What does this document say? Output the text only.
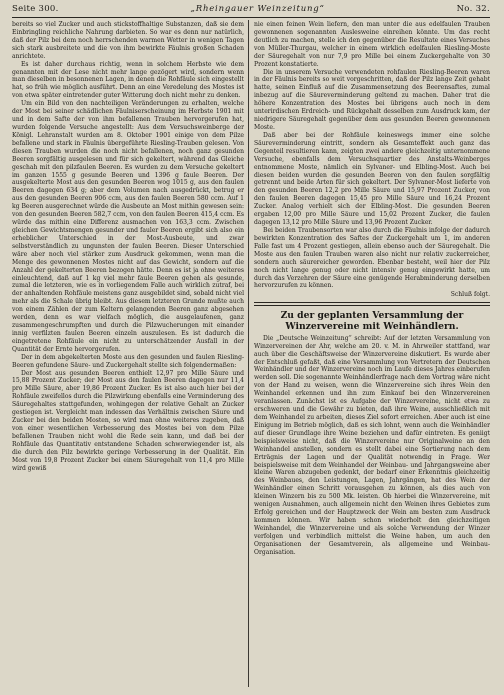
Seite 300.	„Rheingauer Weinzeitung“	No. 32.

bereits so viel Zucker und auch stickstoffhaltige Substanzen, daß sie dem Einbringling reichliche Nahrung darbieten. So war es denn nur natürlich, daß der Pilz bei dem noch herrschenden warmen Wetter in wenigen Tagen sich stark ausbreitete und die von ihm bewirkte Fäulnis großen Schaden anrichtete.

Es ist daher durchaus richtig, wenn in solchem Herbste wie dem genannten mit der Lese nicht mehr lange gezögert wird, sondern wenn man dieselben in besonnenen Lagen, in denen die Rohfäule sich eingestellt hat, so früh wie möglich ausführt. Denn an eine Veredelung des Mostes ist von etwa später eintretender guter Witterung doch nicht mehr zu denken.

Um ein Bild von den nachteiligen Veränderungen zu erhalten, welche der Most bei seiner schädlichen Fäulniserscheinung im Herbste 1901 mit und in dem Safte der von ihm befallenen Trauben hervorgerufen hat, wurden folgende Versuche angestellt: Aus dem Versuchsweinberge der Königl. Lehranstalt wurden am 8. Oktober 1901 einige von dem Pilze befallene und stark in Fäulnis übergeführte Riesling-Trauben gelesen. Von diesen Trauben wurden die noch nicht befallenen, noch ganz gesunden Beeren sorgfältig ausgelesen und für sich gekeltert, während das Gleiche geschah mit den pilzfaulen Beeren. Es wurden zu dem Versuche gekeltert im ganzen 1555 g gesunde Beeren und 1396 g faule Beeren. Der ausgekelterte Most aus den gesunden Beeren wog 1015 g, aus den faulen Beeren dagegen 634 g; aber dem Volumen nach ausgedrückt, betrug er aus den gesunden Beeren 906 ccm, aus den faulen Beeren 580 ccm. Auf 1 kg Beeren ausgerechnet würde die Ausbeute an Most mithin gewesen sein: von den gesunden Beeren 582,7 ccm, von den faulen Beeren 415,4 ccm. Es würde das mithin eine Differenz ausmachen von 163,3 ccm. Zwischen gleichen Gewichtsmengen gesunder und fauler Beeren ergibt sich also ein erheblicher Unterschied in der Most-Ausbeute, und zwar selbstverständlich zu ungunsten der faulen Beeren. Dieser Unterschied wäre aber noch viel stärker zum Ausdruck gekommen, wenn man die Menge des gewonnenen Mostes nicht auf das Gewicht, sondern auf die Anzahl der gekelterten Beeren bezogen hätte. Denn es ist ja ohne weiteres einleuchtend, daß auf 1 kg viel mehr faule Beeren gehen als gesunde, zumal die letzteren, wie es in vorliegendem Falle auch wirklich zutraf, bei der anhaltenden Rohfäule meistens ganz ausgebildet sind, sobald nicht viel mehr als die Schale übrig bleibt. Aus diesem letzteren Grunde mußte auch von einem Zählen der zum Keltern gelangenden Beeren ganz abgesehen werden, denn es war vielfach möglich, die ausgelaufenen, ganz zusammengeschrumpften und durch die Pilzwucherungen mit einander innig verfilzten faulen Beeren einzeln auszulesen. Es ist dadurch die eingetretene Rohfäule ein nicht zu unterschätzender Ausfall in der Quantität der Ernte hervorgerufen.

Der in dem abgekelterten Moste aus den gesunden und faulen Riesling-Beeren gefundene Säure- und Zuckergehalt stellte sich folgendermaßen:

Der Most aus gesunden Beeren enthielt 12,97 pro Mille Säure und 15,88 Prozent Zucker; der Most aus den faulen Beeren dagegen nur 11,4 pro Mille Säure, aber 19,86 Prozent Zucker. Es ist also auch hier bei der Rohfäule zweifellos durch die Pilzwirkung ebenfalls eine Verminderung des Säuregehaltes stattgefunden, wohingegen der relative Gehalt an Zucker gestiegen ist. Vergleicht man indessen das Verhältnis zwischen Säure und Zucker bei den beiden Mosten, so wird man ohne weiteres zugeben, daß von einer wesentlichen Verbesserung des Mostes bei von dem Pilze befallenen Trauben nicht wohl die Rede sein kann, und daß bei der Rohfäule das Quantitativ entstandene Schaden schwerwiegender ist, als die durch den Pilz bewirkte geringe Verbesserung in der Qualität. Ein Most von 19,8 Prozent Zucker bei einem Säuregehalt von 11,4 pro Mille wird gewiß

nie einen feinen Wein liefern, den man unter die aus edelfaulen Trauben gewonnenen sogenannten Auslesweine einreihen könnte. Um das recht deutlich zu machen, stelle ich den gegenüber die Resultate eines Versuches von Müller-Thurgau, welcher in einem wirklich edelfaulen Riesling-Moste der Säuregehalt von nur 7,9 pro Mille bei einem Zuckergehalte von 30 Prozent konstatierte.

Die in unserem Versuche verwendeten rohfaulen Riesling-Beeren waren in der Fäulnis bereits so weit vorgeschritten, daß der Pilz lange Zeit gehabt hatte, seinen Einfluß auf die Zusammensetzung des Beerensaftes, zumal inbezug auf die Säureverminderung geltend zu machen. Daher trat die höhere Konzentration des Mostes bei übrigens auch noch in dem unterirdischen Erdreich- und Rückgehalt desselben zum Ausdruck kam, der niedrigere Säuregehalt gegenüber dem aus gesunden Beeren gewonnenen Moste.

Daß aber bei der Rohfäule keineswegs immer eine solche Säureverminderung eintritt, sondern als Gesamteffekt auch ganz das Gegenteil resultieren kann, zeigten zwei andere gleichzeitig unternommene Versuche, ebenfalls dem Versuchsquartier des Anstalts-Weinberges entnommene Moste, nämlich ein Sylvaner- und Elbling-Most. Auch bei diesen beiden wurden die gesunden Beeren von den faulen sorgfältig getrennt und beide Arten für sich gekeltert. Der Sylvaner-Most lieferte von den gesunden Beeren 12,2 pro Mille Säure und 15,97 Prozent Zucker, von den faulen Beeren dagegen 15,45 pro Mille Säure und 16,24 Prozent Zucker. Analog verhielt sich der Elbling-Most. Die gesunden Beeren ergaben 12,00 pro Mille Säure und 15,02 Prozent Zucker, die faulen dagegen 13,12 pro Mille Säure und 13,96 Prozent Zucker.

Bei beiden Traubensorten war also durch die Fäulnis infolge der dadurch bewirkten Konzentration des Saftes der Zuckergehalt um 1, im anderen Falle fast um 4 Prozent gestiegen, allein ebenso auch der Säuregehalt. Die Moste aus den faulen Trauben waren also nicht nur relativ zuckerreicher, sondern auch säurereicher geworden. Ebenbar besteht, weil hier der Pilz noch nicht lange genug oder nicht intensiv genug eingewirkt hatte, um durch das Verzehren der Säure eine genügende Herabminderung derselben hervorzurufen zu können.

Schluß folgt.
Zu der geplanten Versammlung der Winzervereine mit Weinhändlern.

Die „Deutsche Weinzeitung“ schreibt: Auf der letzten Versammlung von Winzervereinen der Ahr, welche am 20. v. M. in Ahrweiler stattfand, war auch über die Geschäftsweise der Winzervereine diskutiert. Es wurde aber der Entschluß gefaßt, daß eine Versammlung von Vertretern der Deutschen Weinhändler und der Winzervereine noch im Laufe dieses Jahres einberufen werden soll. Die sogenannte Weinhändlerfrage nach dem Vortrag wäre nicht von der Hand zu weisen, wenn die Winzervereine sich ihres Wein den Weinhandel erkennen und ihn zum Einkauf bei den Winzervereinen veranlassen. Zunächst ist es Aufgabe der Winzervereine, nicht etwa zu erschweren und die Gewähr zu bieten, daß ihre Weine, ausschließlich mit dem Weinhandel zu arbeiten, dieses Ziel sofort erreichen. Aber auch ist eine Einigung im Betrieb möglich, daß es sich lohnt, wenn auch die Weinhändler auf dieser Grundlage ihre Weine beziehen und dafür eintreten. Es geniigt beispielsweise nicht, daß die Winzervereine nur Originalweine an den Weinhandel anstellen, sondern es stellt dabei eine Sortierung nach dem Erträgnis der Lagen und der Qualität notwendig in Frage. Wer beispielsweise mit dem Weinhandel der Weinbau- und Jahrgangsweine aber kleine Waren abzugeben gedenkt, der bedarf einer Erkenntnis gleichzeitig des Weinbaues, den Leistungen, Lagen, Jahrgängen, hat des Wein der Weinhändler einen Schritt vorausgehen zu können, als dies auch von kleinen Winzern bis zu 500 Mk. leisten. Ob hierbei die Winzervereine, mit wenigen Ausnahmen, auch allgemein nicht den Weinen ihres Gebietes zum Erfolg gereichen und der Hauptzweck der Wein am besten zum Ausdruck kommen können. Wir haben schon wiederholt den gleichzeitigen Weinhandel, die Winzervereine und als solche Verwendung der Winzer verfolgen und verbindlich mittelst die Weine haben, um auch den Organisationen der Gesamtverein, als allgemeine und Weinbau-Organisation.
